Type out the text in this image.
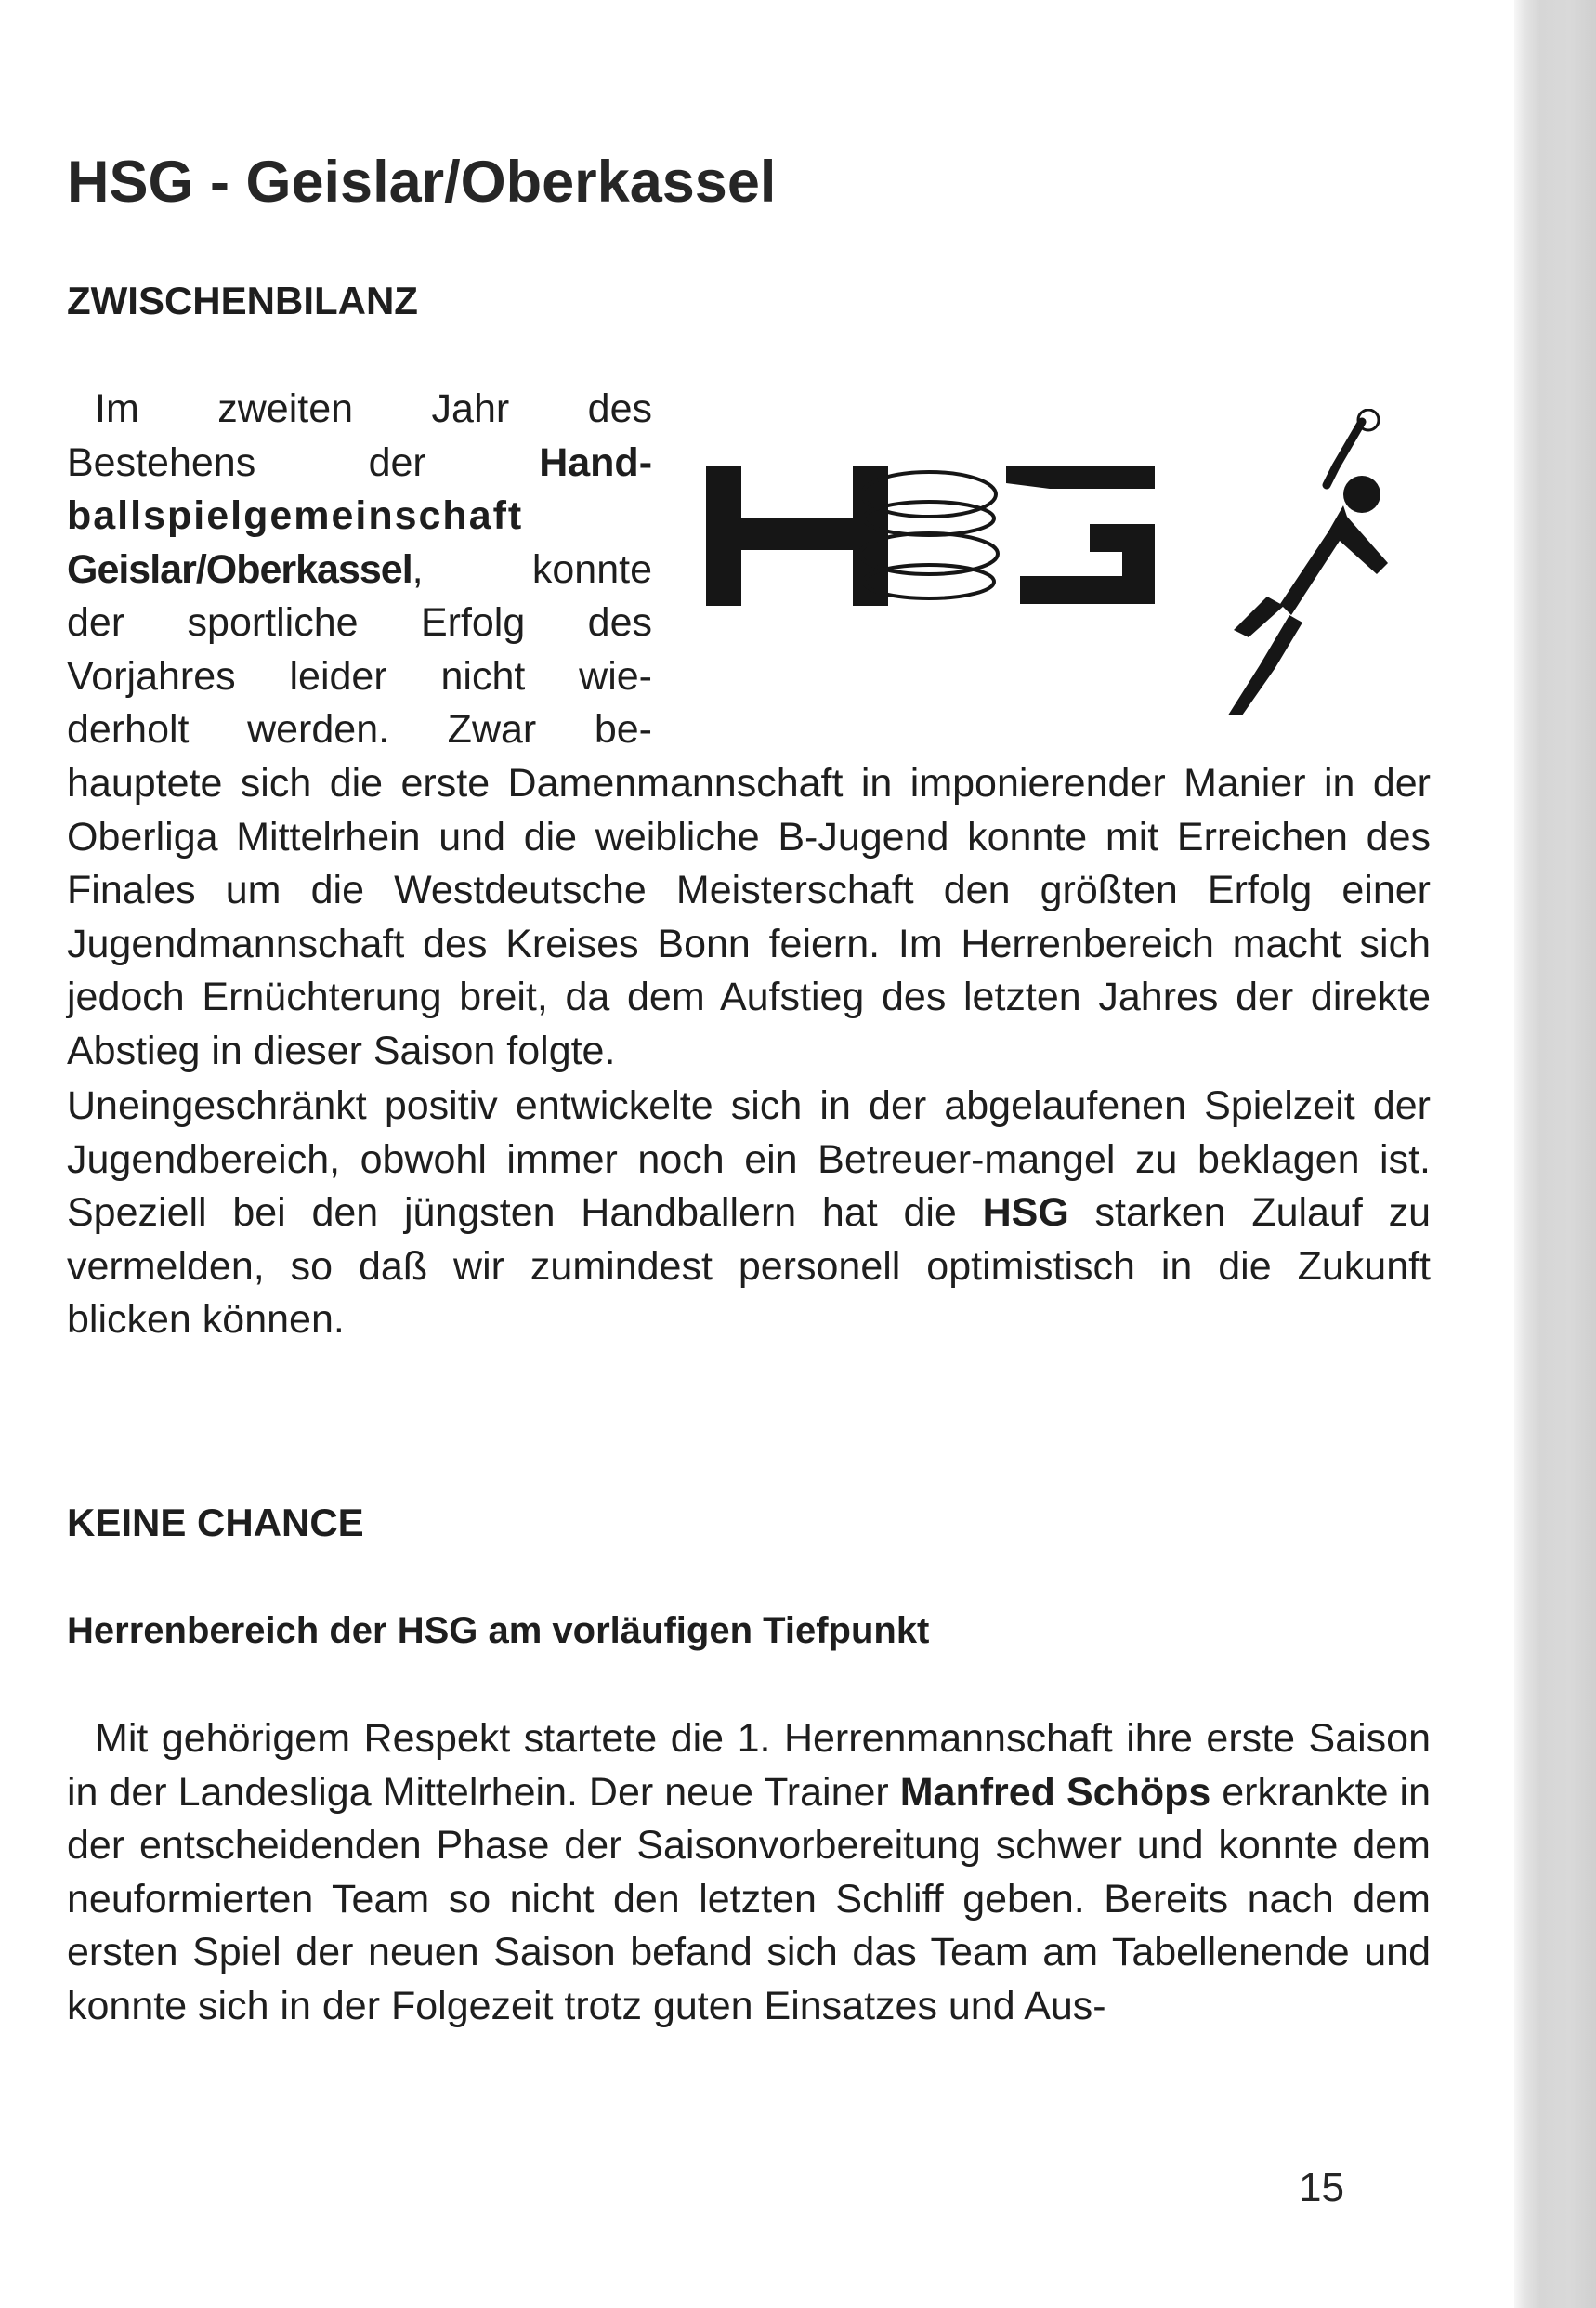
HSG - Geislar/Oberkassel
ZWISCHENBILANZ
Im zweiten Jahr des
Bestehens der	Hand-
ballspielgemeinschaft
Geislar/Oberkassel, konnte
der sportliche Erfolg des
Vorjahres leider nicht wie-
derholt werden. Zwar be-

hauptete sich die erste Damenmannschaft in imponierender Manier in der Oberliga Mittelrhein und die weibliche B-Jugend konnte mit Erreichen des Finales um die Westdeutsche Meisterschaft den größten Erfolg einer Jugendmannschaft des Kreises Bonn feiern. Im Herrenbereich macht sich jedoch Ernüchterung breit, da dem Aufstieg des letzten Jahres der direkte Abstieg in dieser Saison folgte.

Uneingeschränkt positiv entwickelte sich in der abgelaufenen Spielzeit der Jugendbereich, obwohl immer noch ein Betreuer-mangel zu beklagen ist. Speziell bei den jüngsten Handballern hat die HSG starken Zulauf zu vermelden, so daß wir zumindest personell optimistisch in die Zukunft blicken können.

KEINE CHANCE
Herrenbereich der HSG am vorläufigen Tiefpunkt

Mit gehörigem Respekt startete die 1. Herrenmannschaft ihre erste Saison in der Landesliga Mittelrhein. Der neue Trainer Manfred Schöps erkrankte in der entscheidenden Phase der Saisonvorbereitung schwer und konnte dem neuformierten Team so nicht den letzten Schliff geben. Bereits nach dem ersten Spiel der neuen Saison befand sich das Team am Tabellenende und konnte sich in der Folgezeit trotz guten Einsatzes und Aus-

15
